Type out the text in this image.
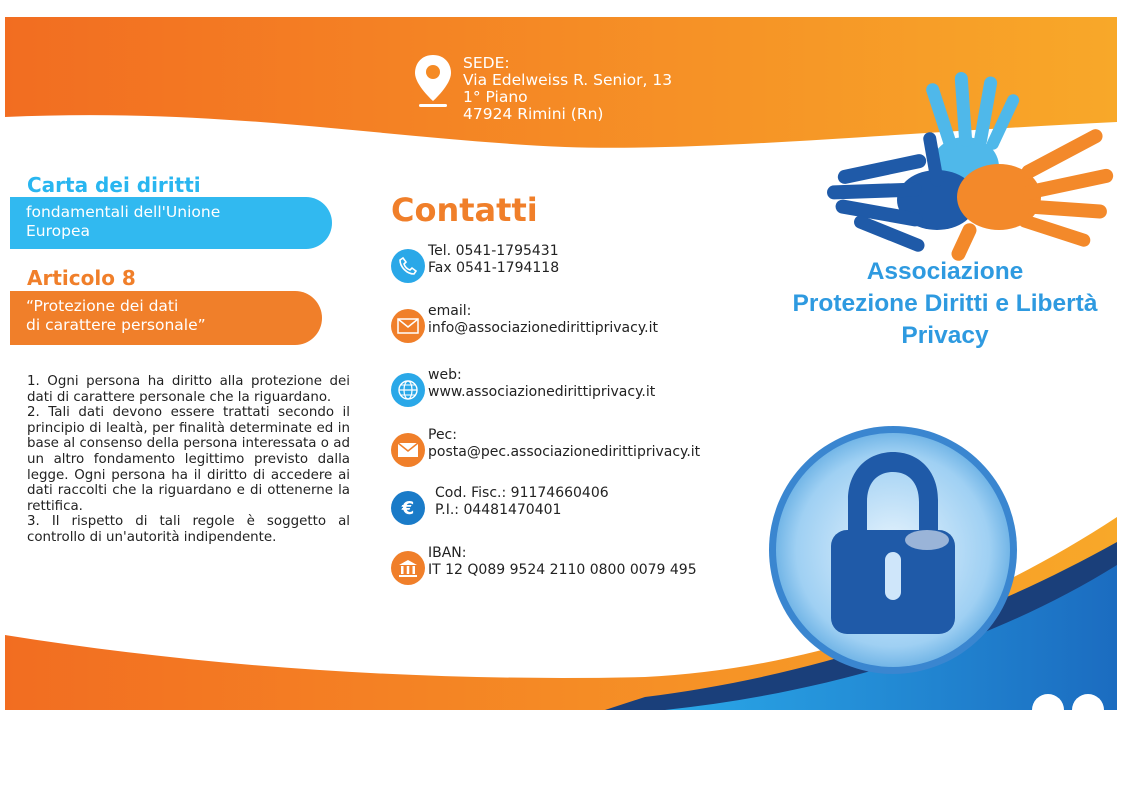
SEDE:
Via Edelweiss R. Senior, 13
1° Piano
47924 Rimini (Rn)
Carta dei diritti
fondamentali dell'Unione
Europea
Articolo 8
“Protezione dei dati
di carattere personale”

1. Ogni persona ha diritto alla protezione dei dati di carattere personale che la riguardano.

2. Tali dati devono essere trattati secondo il principio di lealtà, per finalità determinate ed in base al consenso della persona interessata o ad un altro fondamento legittimo previsto dalla legge. Ogni persona ha il diritto di accedere ai dati raccolti che la riguardano e di ottenerne la rettifica.

3. Il rispetto di tali regole è soggetto al controllo di un'autorità indipendente.

Contatti
Tel. 0541-1795431
Fax 0541-1794118
email:
info@associazionedirittiprivacy.it
web:
www.associazionedirittiprivacy.it
Pec:
posta@pec.associazionedirittiprivacy.it
€
Cod. Fisc.: 91174660406
P.I.: 04481470401
IBAN:
IT 12 Q089 9524 2110 0800 0079 495
Associazione
Protezione Diritti e Libertà
Privacy
